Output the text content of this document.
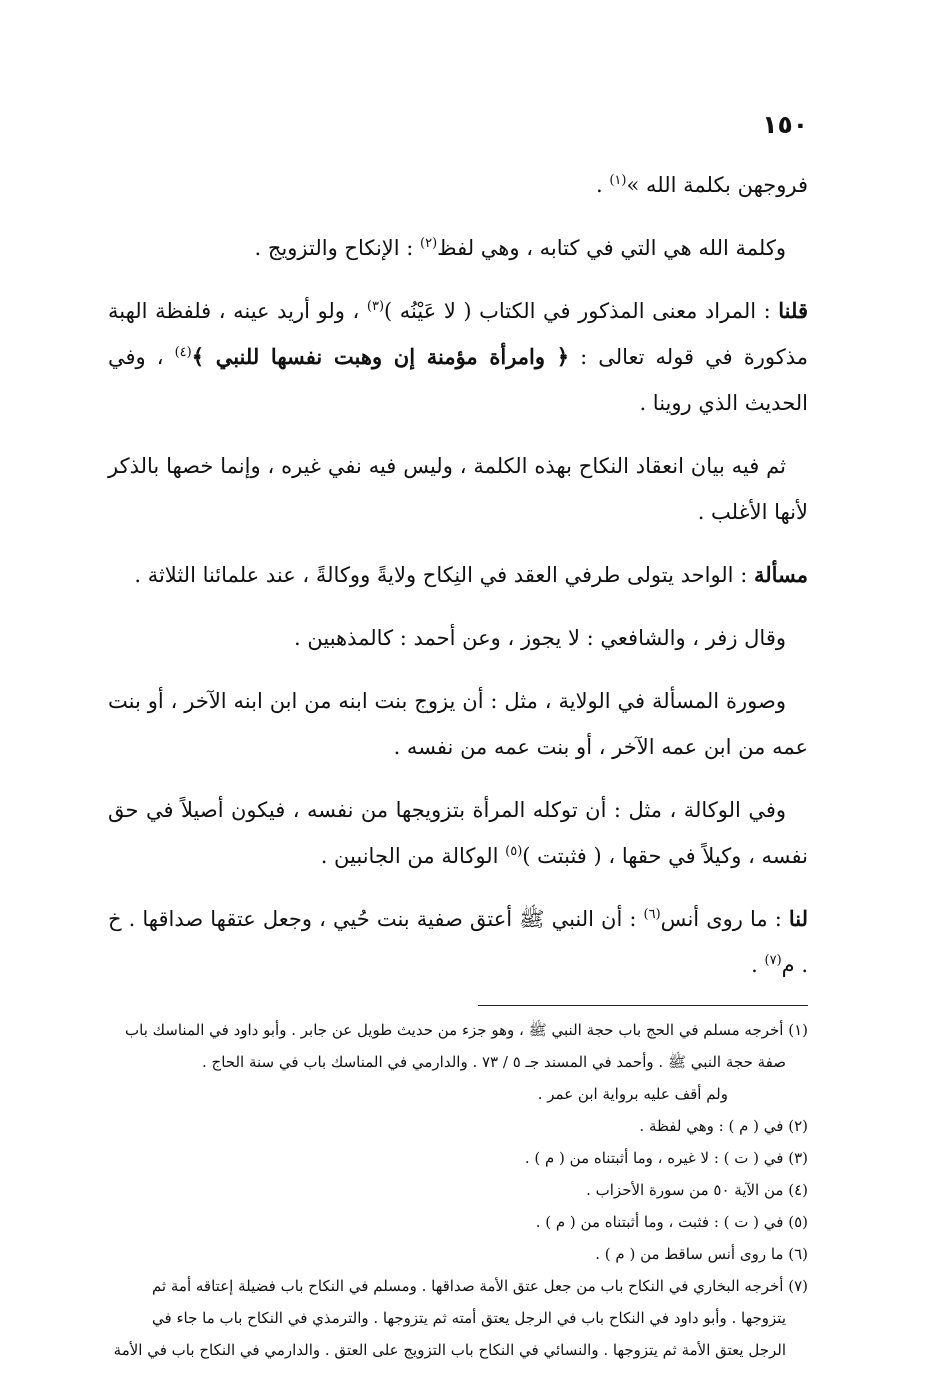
١٥٠

فروجهن بكلمة الله »$^{(١)}$ .

وكلمة الله هي التي في كتابه ، وهي لفظ$^{(٢)}$ : الإنكاح والتزويج .

قلنا : المراد معنى المذكور في الكتاب ( لا عَيْنُه )$^{(٣)}$ ، ولو أريد عينه ، فلفظة الهبة مذكورة في قوله تعالى : ﴿ وامرأة مؤمنة إن وهبت نفسها للنبي ﴾$^{(٤)}$ ، وفي الحديث الذي روينا .

ثم فيه بيان انعقاد النكاح بهذه الكلمة ، وليس فيه نفي غيره ، وإنما خصها بالذكر لأنها الأغلب .

مسألة : الواحد يتولى طرفي العقد في النِكاح ولايةً ووكالةً ، عند علمائنا الثلاثة .

وقال زفر ، والشافعي : لا يجوز ، وعن أحمد : كالمذهبين .

وصورة المسألة في الولاية ، مثل : أن يزوج بنت ابنه من ابن ابنه الآخر ، أو بنت عمه من ابن عمه الآخر ، أو بنت عمه من نفسه .

وفي الوكالة ، مثل : أن توكله المرأة بتزويجها من نفسه ، فيكون أصيلاً في حق نفسه ، وكيلاً في حقها ، ( فثبتت )$^{(٥)}$ الوكالة من الجانبين .

لنا : ما روى أنس$^{(٦)}$ : أن النبي ﷺ أعتق صفية بنت حُيي ، وجعل عتقها صداقها . خ . م$^{(٧)}$ .

(١) أخرجه مسلم في الحج باب حجة النبي ﷺ ، وهو جزء من حديث طويل عن جابر . وأبو داود في المناسك باب

صفة حجة النبي ﷺ . وأحمد في المسند جـ ٥ / ٧٣ . والدارمي في المناسك باب في سنة الحاج .

ولم أقف عليه برواية ابن عمر .

(٢) في ( م ) : وهي لفظة .

(٣) في ( ت ) : لا غيره ، وما أثبتناه من ( م ) .

(٤) من الآية ٥٠ من سورة الأحزاب .

(٥) في ( ت ) : فثبت ، وما أثبتناه من ( م ) .

(٦) ما روى أنس ساقط من ( م ) .

(٧) أخرجه البخاري في النكاح باب من جعل عتق الأمة صداقها . ومسلم في النكاح باب فضيلة إعتاقه أمة ثم

يتزوجها . وأبو داود في النكاح باب في الرجل يعتق أمته ثم يتزوجها . والترمذي في النكاح باب ما جاء في

الرجل يعتق الأمة ثم يتزوجها . والنسائي في النكاح باب التزويج على العتق . والدارمي في النكاح باب في الأمة
